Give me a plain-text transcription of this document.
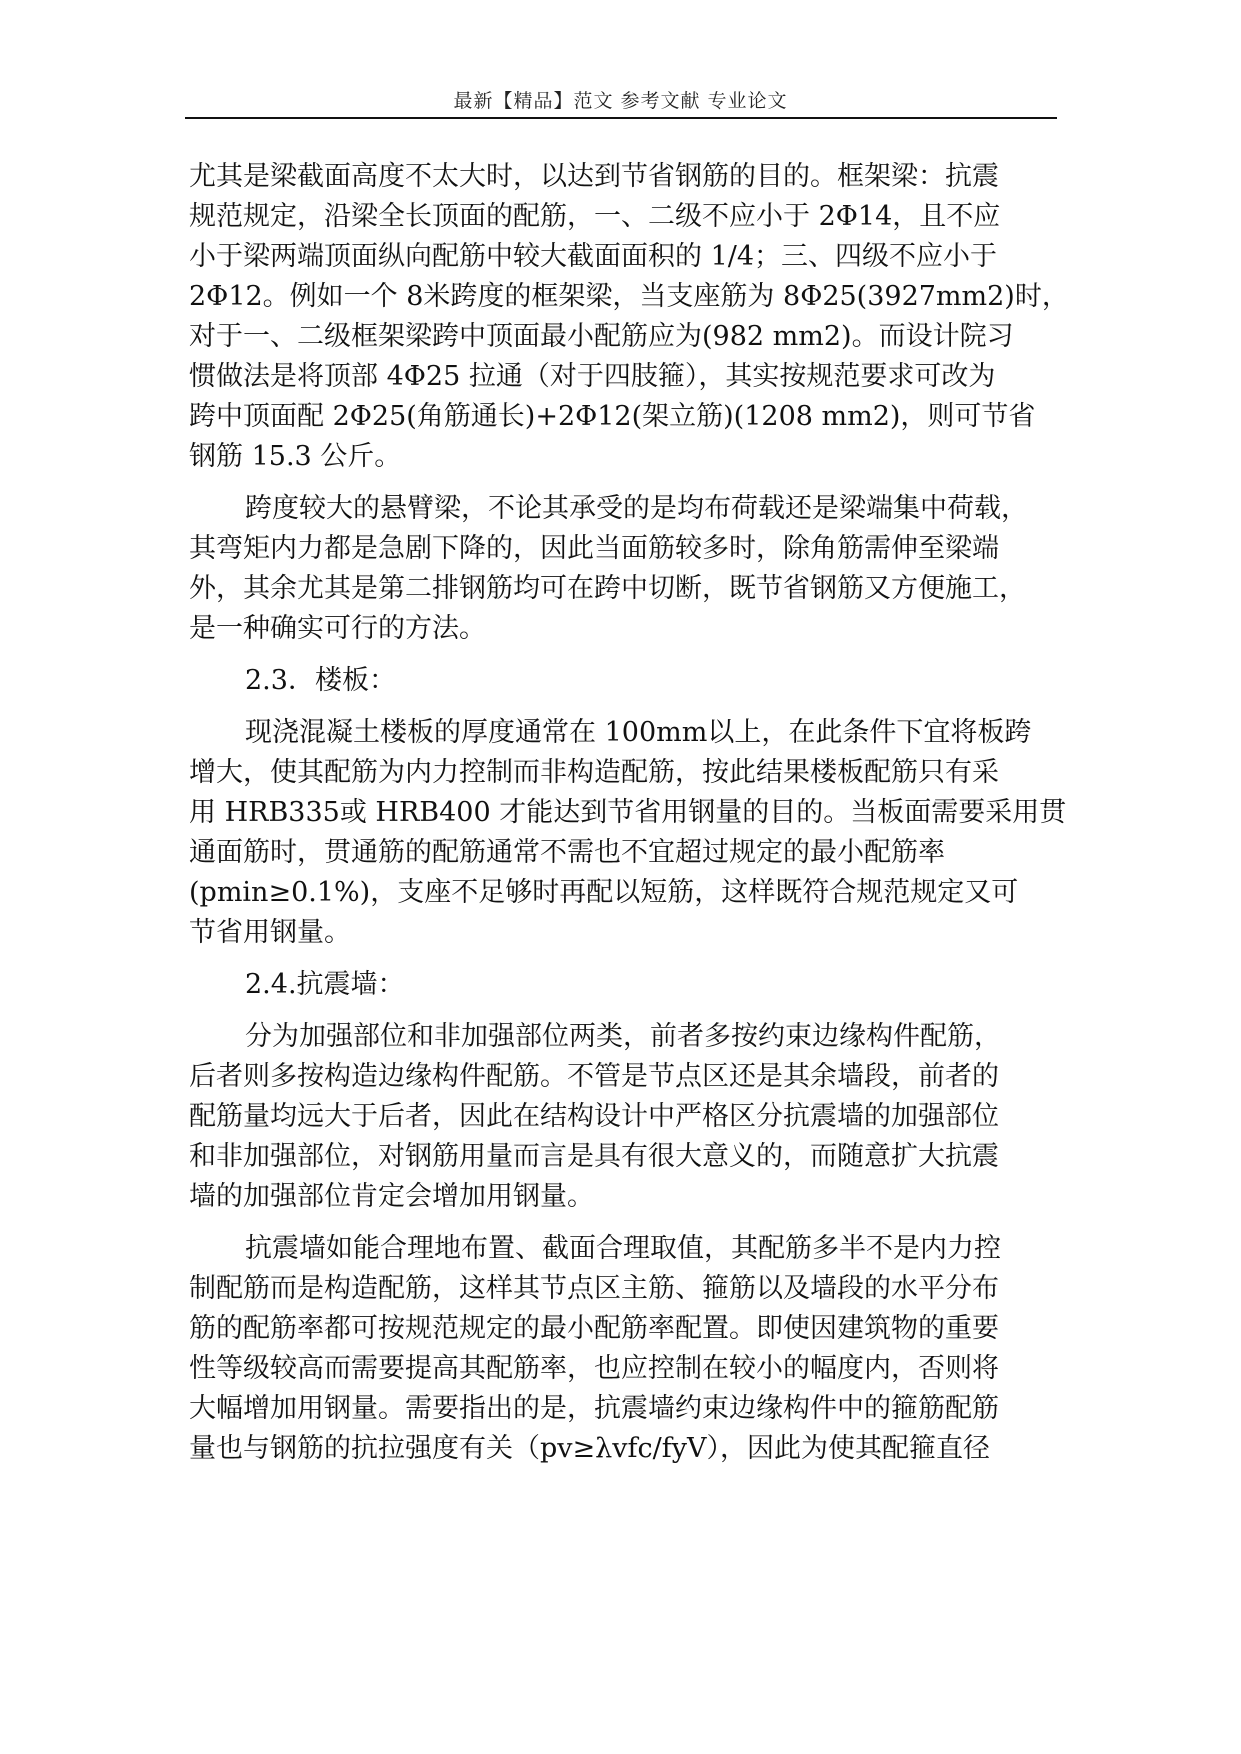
最新【精品】范文 参考文献 专业论文
尤其是梁截面高度不太大时，以达到节省钢筋的目的。框架梁：抗震
规范规定，沿梁全长顶面的配筋，一、二级不应小于 2Φ14，且不应
小于梁两端顶面纵向配筋中较大截面面积的 1/4；三、四级不应小于
2Φ12。例如一个 8米跨度的框架梁，当支座筋为 8Φ25(3927mm2)时，
对于一、二级框架梁跨中顶面最小配筋应为(982 mm2)。而设计院习
惯做法是将顶部 4Φ25 拉通（对于四肢箍），其实按规范要求可改为
跨中顶面配 2Φ25(角筋通长)+2Φ12(架立筋)(1208 mm2)，则可节省
钢筋 15.3 公斤。
跨度较大的悬臂梁，不论其承受的是均布荷载还是梁端集中荷载，
其弯矩内力都是急剧下降的，因此当面筋较多时，除角筋需伸至梁端
外，其余尤其是第二排钢筋均可在跨中切断，既节省钢筋又方便施工，
是一种确实可行的方法。
2.3．楼板：
现浇混凝土楼板的厚度通常在 100mm以上，在此条件下宜将板跨
增大，使其配筋为内力控制而非构造配筋，按此结果楼板配筋只有采
用 HRB335或 HRB400 才能达到节省用钢量的目的。当板面需要采用贯
通面筋时，贯通筋的配筋通常不需也不宜超过规定的最小配筋率
(pmin≥0.1%)，支座不足够时再配以短筋，这样既符合规范规定又可
节省用钢量。
2.4.抗震墙：
分为加强部位和非加强部位两类，前者多按约束边缘构件配筋，
后者则多按构造边缘构件配筋。不管是节点区还是其余墙段，前者的
配筋量均远大于后者，因此在结构设计中严格区分抗震墙的加强部位
和非加强部位，对钢筋用量而言是具有很大意义的，而随意扩大抗震
墙的加强部位肯定会增加用钢量。
抗震墙如能合理地布置、截面合理取值，其配筋多半不是内力控
制配筋而是构造配筋，这样其节点区主筋、箍筋以及墙段的水平分布
筋的配筋率都可按规范规定的最小配筋率配置。即使因建筑物的重要
性等级较高而需要提高其配筋率，也应控制在较小的幅度内，否则将
大幅增加用钢量。需要指出的是，抗震墙约束边缘构件中的箍筋配筋
量也与钢筋的抗拉强度有关（pv≥λvfc/fyV），因此为使其配箍直径
